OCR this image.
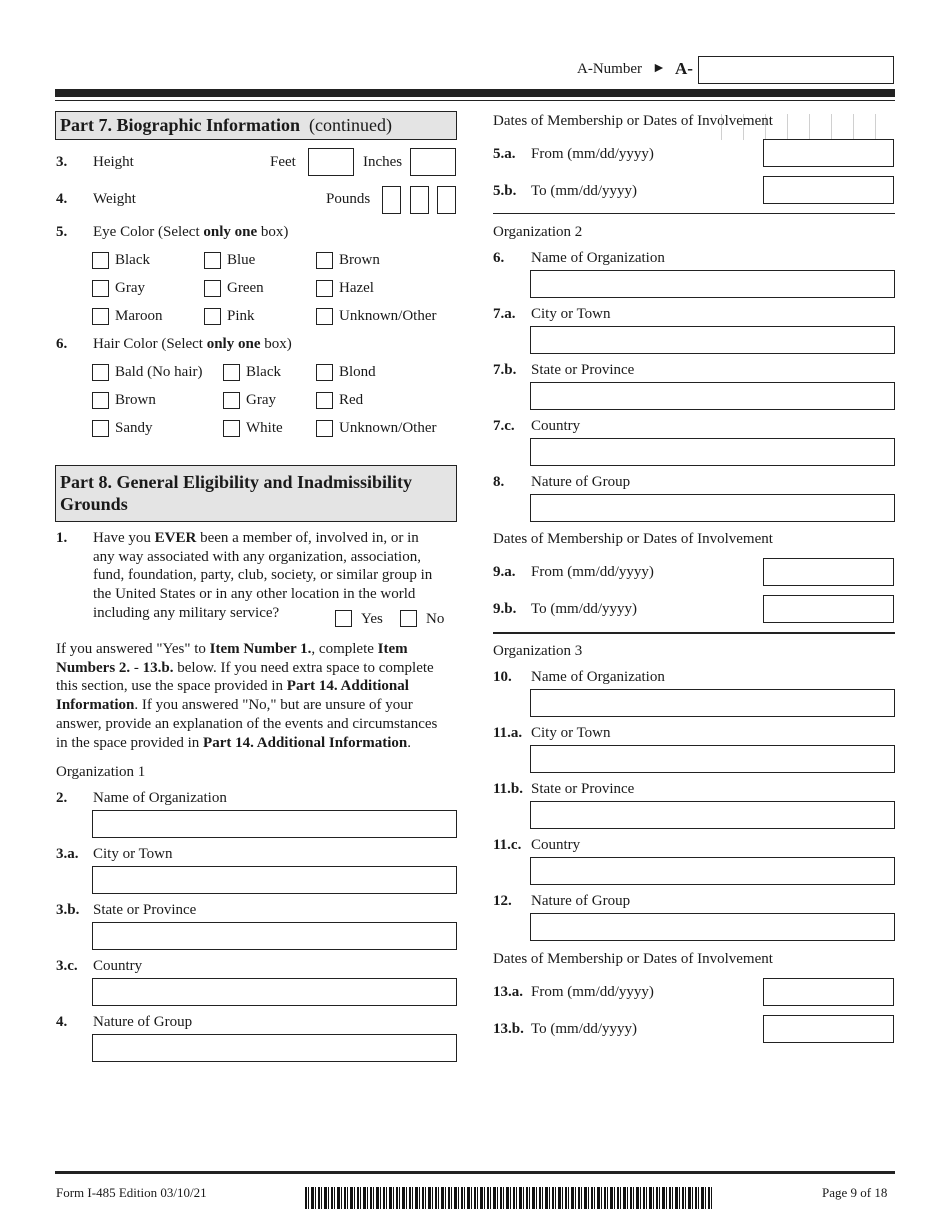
A-Number ► A-
Part 7. Biographic Information (continued)
3. Height	Feet	Inches
4. Weight	Pounds
5. Eye Color (Select only one box)
Black	Blue	Brown
Gray	Green	Hazel
Maroon	Pink	Unknown/Other
6. Hair Color (Select only one box)
Bald (No hair)	Black	Blond
Brown	Gray	Red
Sandy	White	Unknown/Other
Part 8. General Eligibility and Inadmissibility Grounds
1. Have you EVER been a member of, involved in, or in
any way associated with any organization, association,
fund, foundation, party, club, society, or similar group in
the United States or in any other location in the world
including any military service?	Yes	No
If you answered "Yes" to Item Number 1., complete Item
Numbers 2. - 13.b. below. If you need extra space to complete
this section, use the space provided in Part 14. Additional
Information. If you answered "No," but are unsure of your
answer, provide an explanation of the events and circumstances
in the space provided in Part 14. Additional Information.
Organization 1
2. Name of Organization
3.a. City or Town
3.b. State or Province
3.c. Country
4. Nature of Group
Dates of Membership or Dates of Involvement
5.a. From (mm/dd/yyyy)
5.b. To (mm/dd/yyyy)
Organization 2
6. Name of Organization
7.a. City or Town
7.b. State or Province
7.c. Country
8. Nature of Group
Dates of Membership or Dates of Involvement
9.a. From (mm/dd/yyyy)
9.b. To (mm/dd/yyyy)
Organization 3
10. Name of Organization
11.a. City or Town
11.b. State or Province
11.c. Country
12. Nature of Group
Dates of Membership or Dates of Involvement
13.a. From (mm/dd/yyyy)
13.b. To (mm/dd/yyyy)
Form I-485 Edition 03/10/21	Page 9 of 18
